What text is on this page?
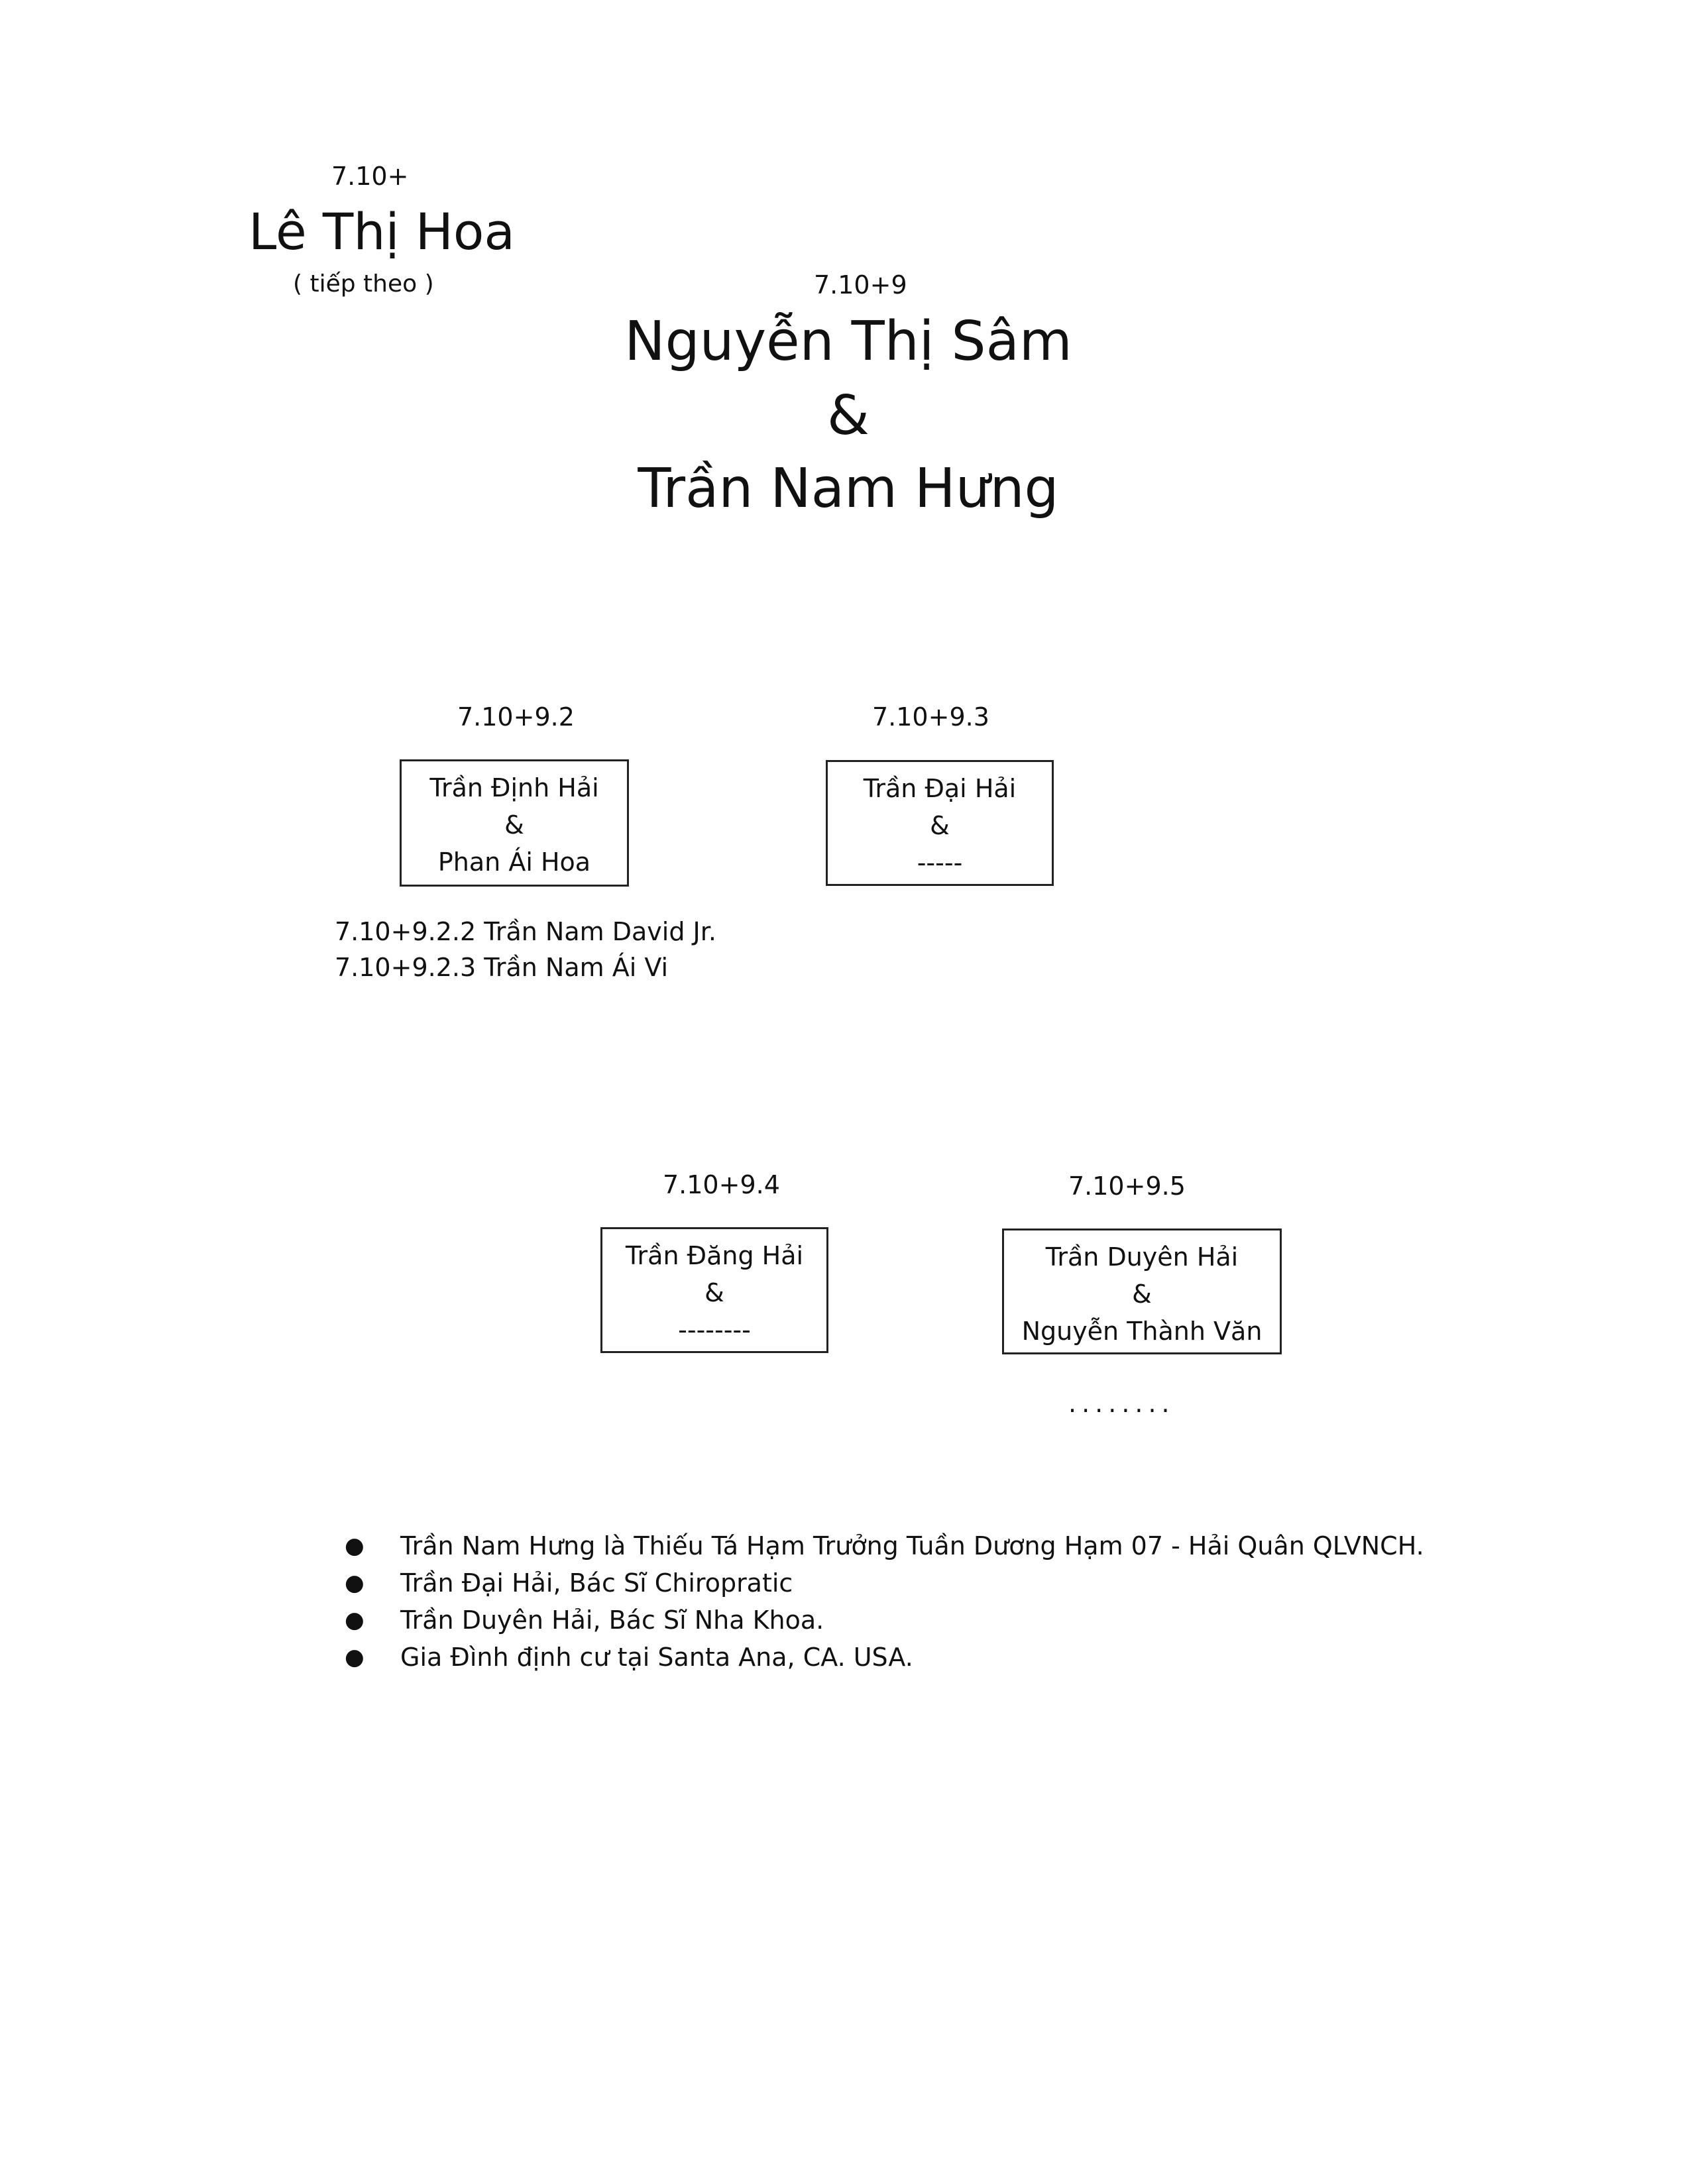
7.10+
Lê Thị Hoa
( tiếp theo )	7.10+9
Nguyễn Thị Sâm
&
Trần Nam Hưng
7.10+9.2
Trần Định Hải
&
Phan Ái Hoa
7.10+9.3
Trần Đại Hải
&
-----
7.10+9.2.2 Trần Nam David Jr.
7.10+9.2.3 Trần Nam Ái Vi
7.10+9.4
Trần Đăng Hải
&
--------
7.10+9.5
Trần Duyên Hải
&
Nguyễn Thành Văn
........
● Trần Nam Hưng là Thiếu Tá Hạm Trưởng Tuần Dương Hạm 07 - Hải Quân QLVNCH.
● Trần Đại Hải, Bác Sĩ Chiropratic
● Trần Duyên Hải, Bác Sĩ Nha Khoa.
● Gia Đình định cư tại Santa Ana, CA. USA.
